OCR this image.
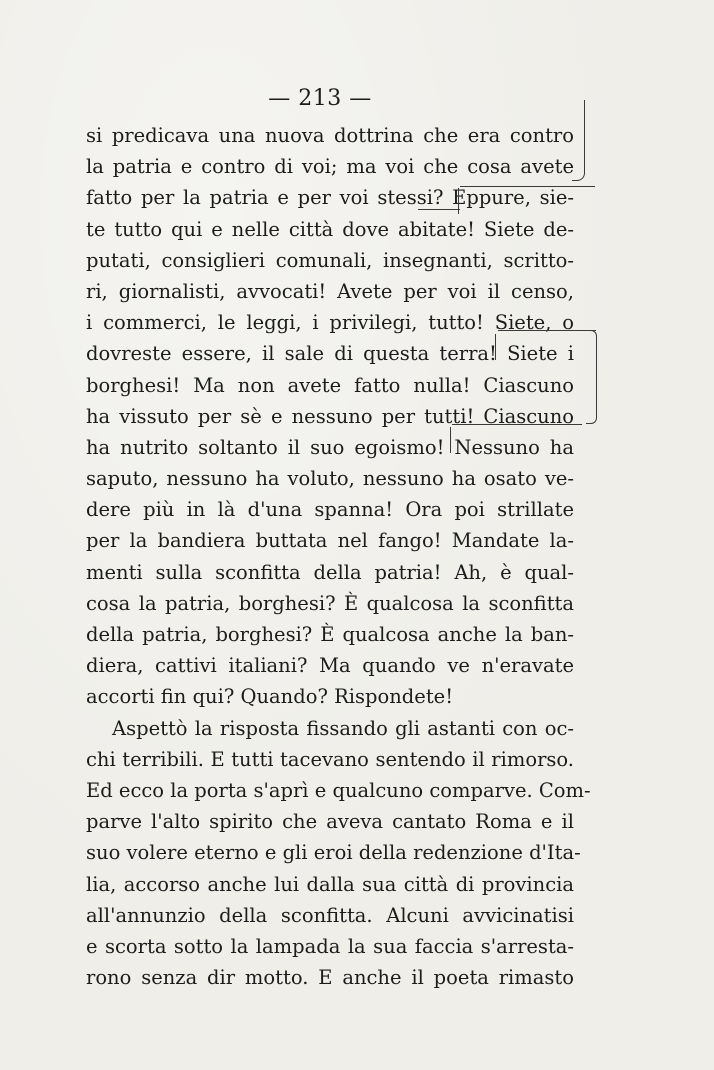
— 213 —
si predicava una nuova dottrina che era contro
la patria e contro di voi; ma voi che cosa avete
fatto per la patria e per voi stessi? Eppure, sie-
te tutto qui e nelle città dove abitate! Siete de-
putati, consiglieri comunali, insegnanti, scritto-
ri, giornalisti, avvocati! Avete per voi il censo,
i commerci, le leggi, i privilegi, tutto! Siete, o
dovreste essere, il sale di questa terra! Siete i
borghesi! Ma non avete fatto nulla! Ciascuno
ha vissuto per sè e nessuno per tutti! Ciascuno
ha nutrito soltanto il suo egoismo! Nessuno ha
saputo, nessuno ha voluto, nessuno ha osato ve-
dere più in là d'una spanna! Ora poi strillate
per la bandiera buttata nel fango! Mandate la-
menti sulla sconfitta della patria! Ah, è qual-
cosa la patria, borghesi? È qualcosa la sconfitta
della patria, borghesi? È qualcosa anche la ban-
diera, cattivi italiani? Ma quando ve n'eravate
accorti fin qui? Quando? Rispondete!
Aspettò la risposta fissando gli astanti con oc-
chi terribili. E tutti tacevano sentendo il rimorso.
Ed ecco la porta s'aprì e qualcuno comparve. Com-
parve l'alto spirito che aveva cantato Roma e il
suo volere eterno e gli eroi della redenzione d'Ita-
lia, accorso anche lui dalla sua città di provincia
all'annunzio della sconfitta. Alcuni avvicinatisi
e scorta sotto la lampada la sua faccia s'arresta-
rono senza dir motto. E anche il poeta rimasto
